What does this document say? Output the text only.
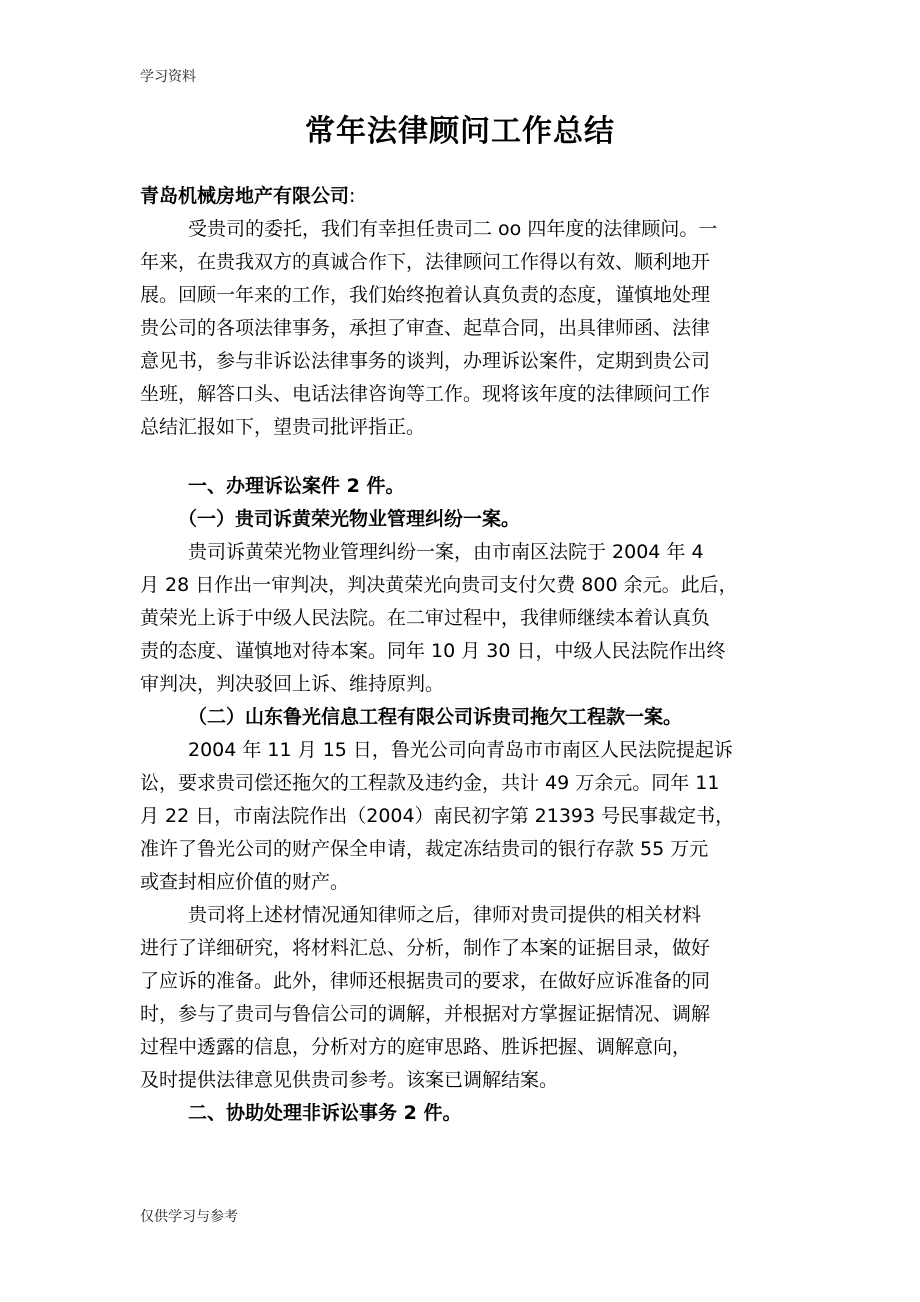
学习资料
常年法律顾问工作总结
青岛机械房地产有限公司:
受贵司的委托，我们有幸担任贵司二 oo 四年度的法律顾问。一
年来，在贵我双方的真诚合作下，法律顾问工作得以有效、顺利地开
展。回顾一年来的工作，我们始终抱着认真负责的态度，谨慎地处理
贵公司的各项法律事务，承担了审查、起草合同，出具律师函、法律
意见书，参与非诉讼法律事务的谈判，办理诉讼案件，定期到贵公司
坐班，解答口头、电话法律咨询等工作。现将该年度的法律顾问工作
总结汇报如下，望贵司批评指正。
一、办理诉讼案件 2 件。
（一）贵司诉黄荣光物业管理纠纷一案。
贵司诉黄荣光物业管理纠纷一案，由市南区法院于 2004 年 4
月 28 日作出一审判决，判决黄荣光向贵司支付欠费 800 余元。此后，
黄荣光上诉于中级人民法院。在二审过程中，我律师继续本着认真负
责的态度、谨慎地对待本案。同年 10 月 30 日，中级人民法院作出终
审判决，判决驳回上诉、维持原判。
（二）山东鲁光信息工程有限公司诉贵司拖欠工程款一案。
2004 年 11 月 15 日，鲁光公司向青岛市市南区人民法院提起诉
讼，要求贵司偿还拖欠的工程款及违约金，共计 49 万余元。同年 11
月 22 日，市南法院作出（2004）南民初字第 21393 号民事裁定书，
准许了鲁光公司的财产保全申请，裁定冻结贵司的银行存款 55 万元
或查封相应价值的财产。
贵司将上述材情况通知律师之后，律师对贵司提供的相关材料
进行了详细研究，将材料汇总、分析，制作了本案的证据目录，做好
了应诉的准备。此外，律师还根据贵司的要求，在做好应诉准备的同
时，参与了贵司与鲁信公司的调解，并根据对方掌握证据情况、调解
过程中透露的信息，分析对方的庭审思路、胜诉把握、调解意向，
及时提供法律意见供贵司参考。该案已调解结案。
二、协助处理非诉讼事务 2 件。
仅供学习与参考
